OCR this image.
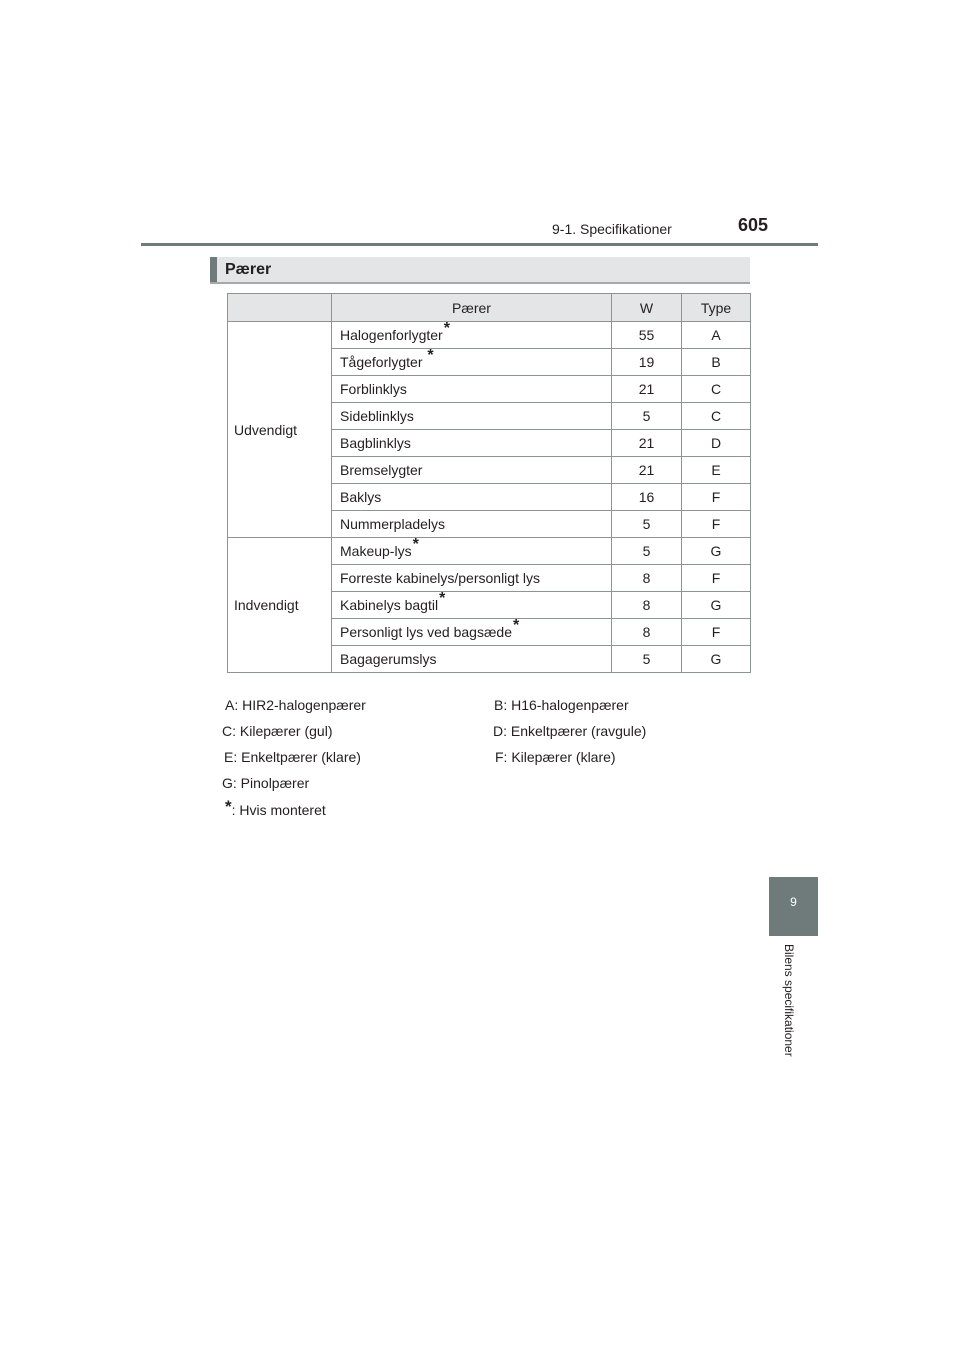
9-1. Specifikationer	605
Pærer
	Pærer	W	Type
Udvendigt	Halogenforlygter*	55	A
	Tågeforlygter *	19	B
	Forblinklys	21	C
	Sideblinklys	5	C
	Bagblinklys	21	D
	Bremselygter	21	E
	Baklys	16	F
	Nummerpladelys	5	F
Indvendigt	Makeup-lys*	5	G
	Forreste kabinelys/personligt lys	8	F
	Kabinelys bagtil*	8	G
	Personligt lys ved bagsæde*	8	F
	Bagagerumslys	5	G
A: HIR2-halogenpærer	B: H16-halogenpærer
C: Kilepærer (gul)	D: Enkeltpærer (ravgule)
E: Enkeltpærer (klare)	F: Kilepærer (klare)
G: Pinolpærer
*: Hvis monteret
9
Bilens specifikationer
